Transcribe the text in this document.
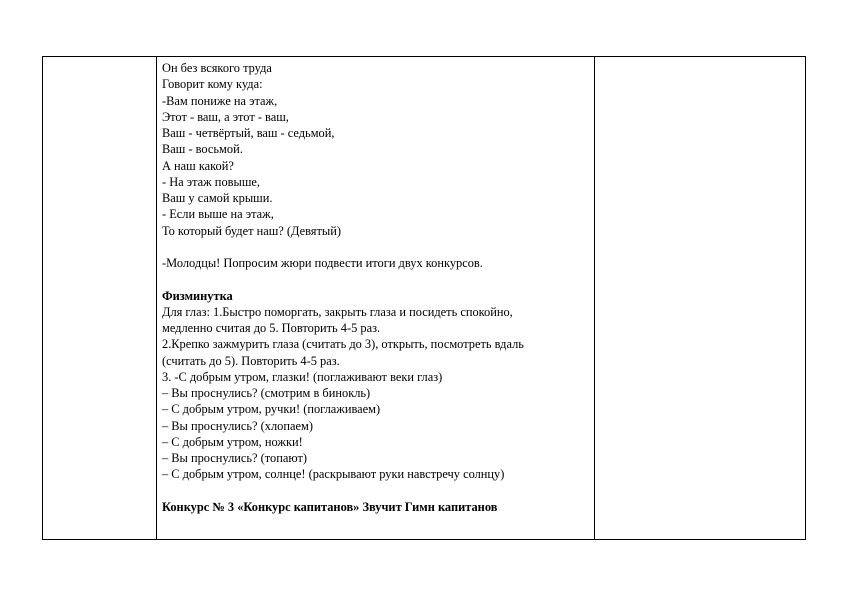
Он без всякого труда
Говорит кому куда:
-Вам пониже на этаж,
Этот - ваш, а этот - ваш,
Ваш - четвёртый, ваш - седьмой,
Ваш - восьмой.
А наш какой?
- На этаж повыше,
Ваш у самой крыши.
- Если выше на этаж,
То который будет наш? (Девятый)
-Молодцы! Попросим жюри подвести итоги двух конкурсов.
Физминутка
Для глаз: 1.Быстро поморгать, закрыть глаза и посидеть спокойно,
медленно считая до 5. Повторить 4-5 раз.
2.Крепко зажмурить глаза (считать до 3), открыть, посмотреть вдаль
(считать до 5). Повторить 4-5 раз.
3. -С добрым утром, глазки! (поглаживают веки глаз)
– Вы проснулись? (смотрим в бинокль)
– С добрым утром, ручки! (поглаживаем)
– Вы проснулись? (хлопаем)
– С добрым утром, ножки!
– Вы проснулись? (топают)
– С добрым утром, солнце! (раскрывают руки навстречу солнцу)
Конкурс № 3 «Конкурс капитанов» Звучит Гимн капитанов
